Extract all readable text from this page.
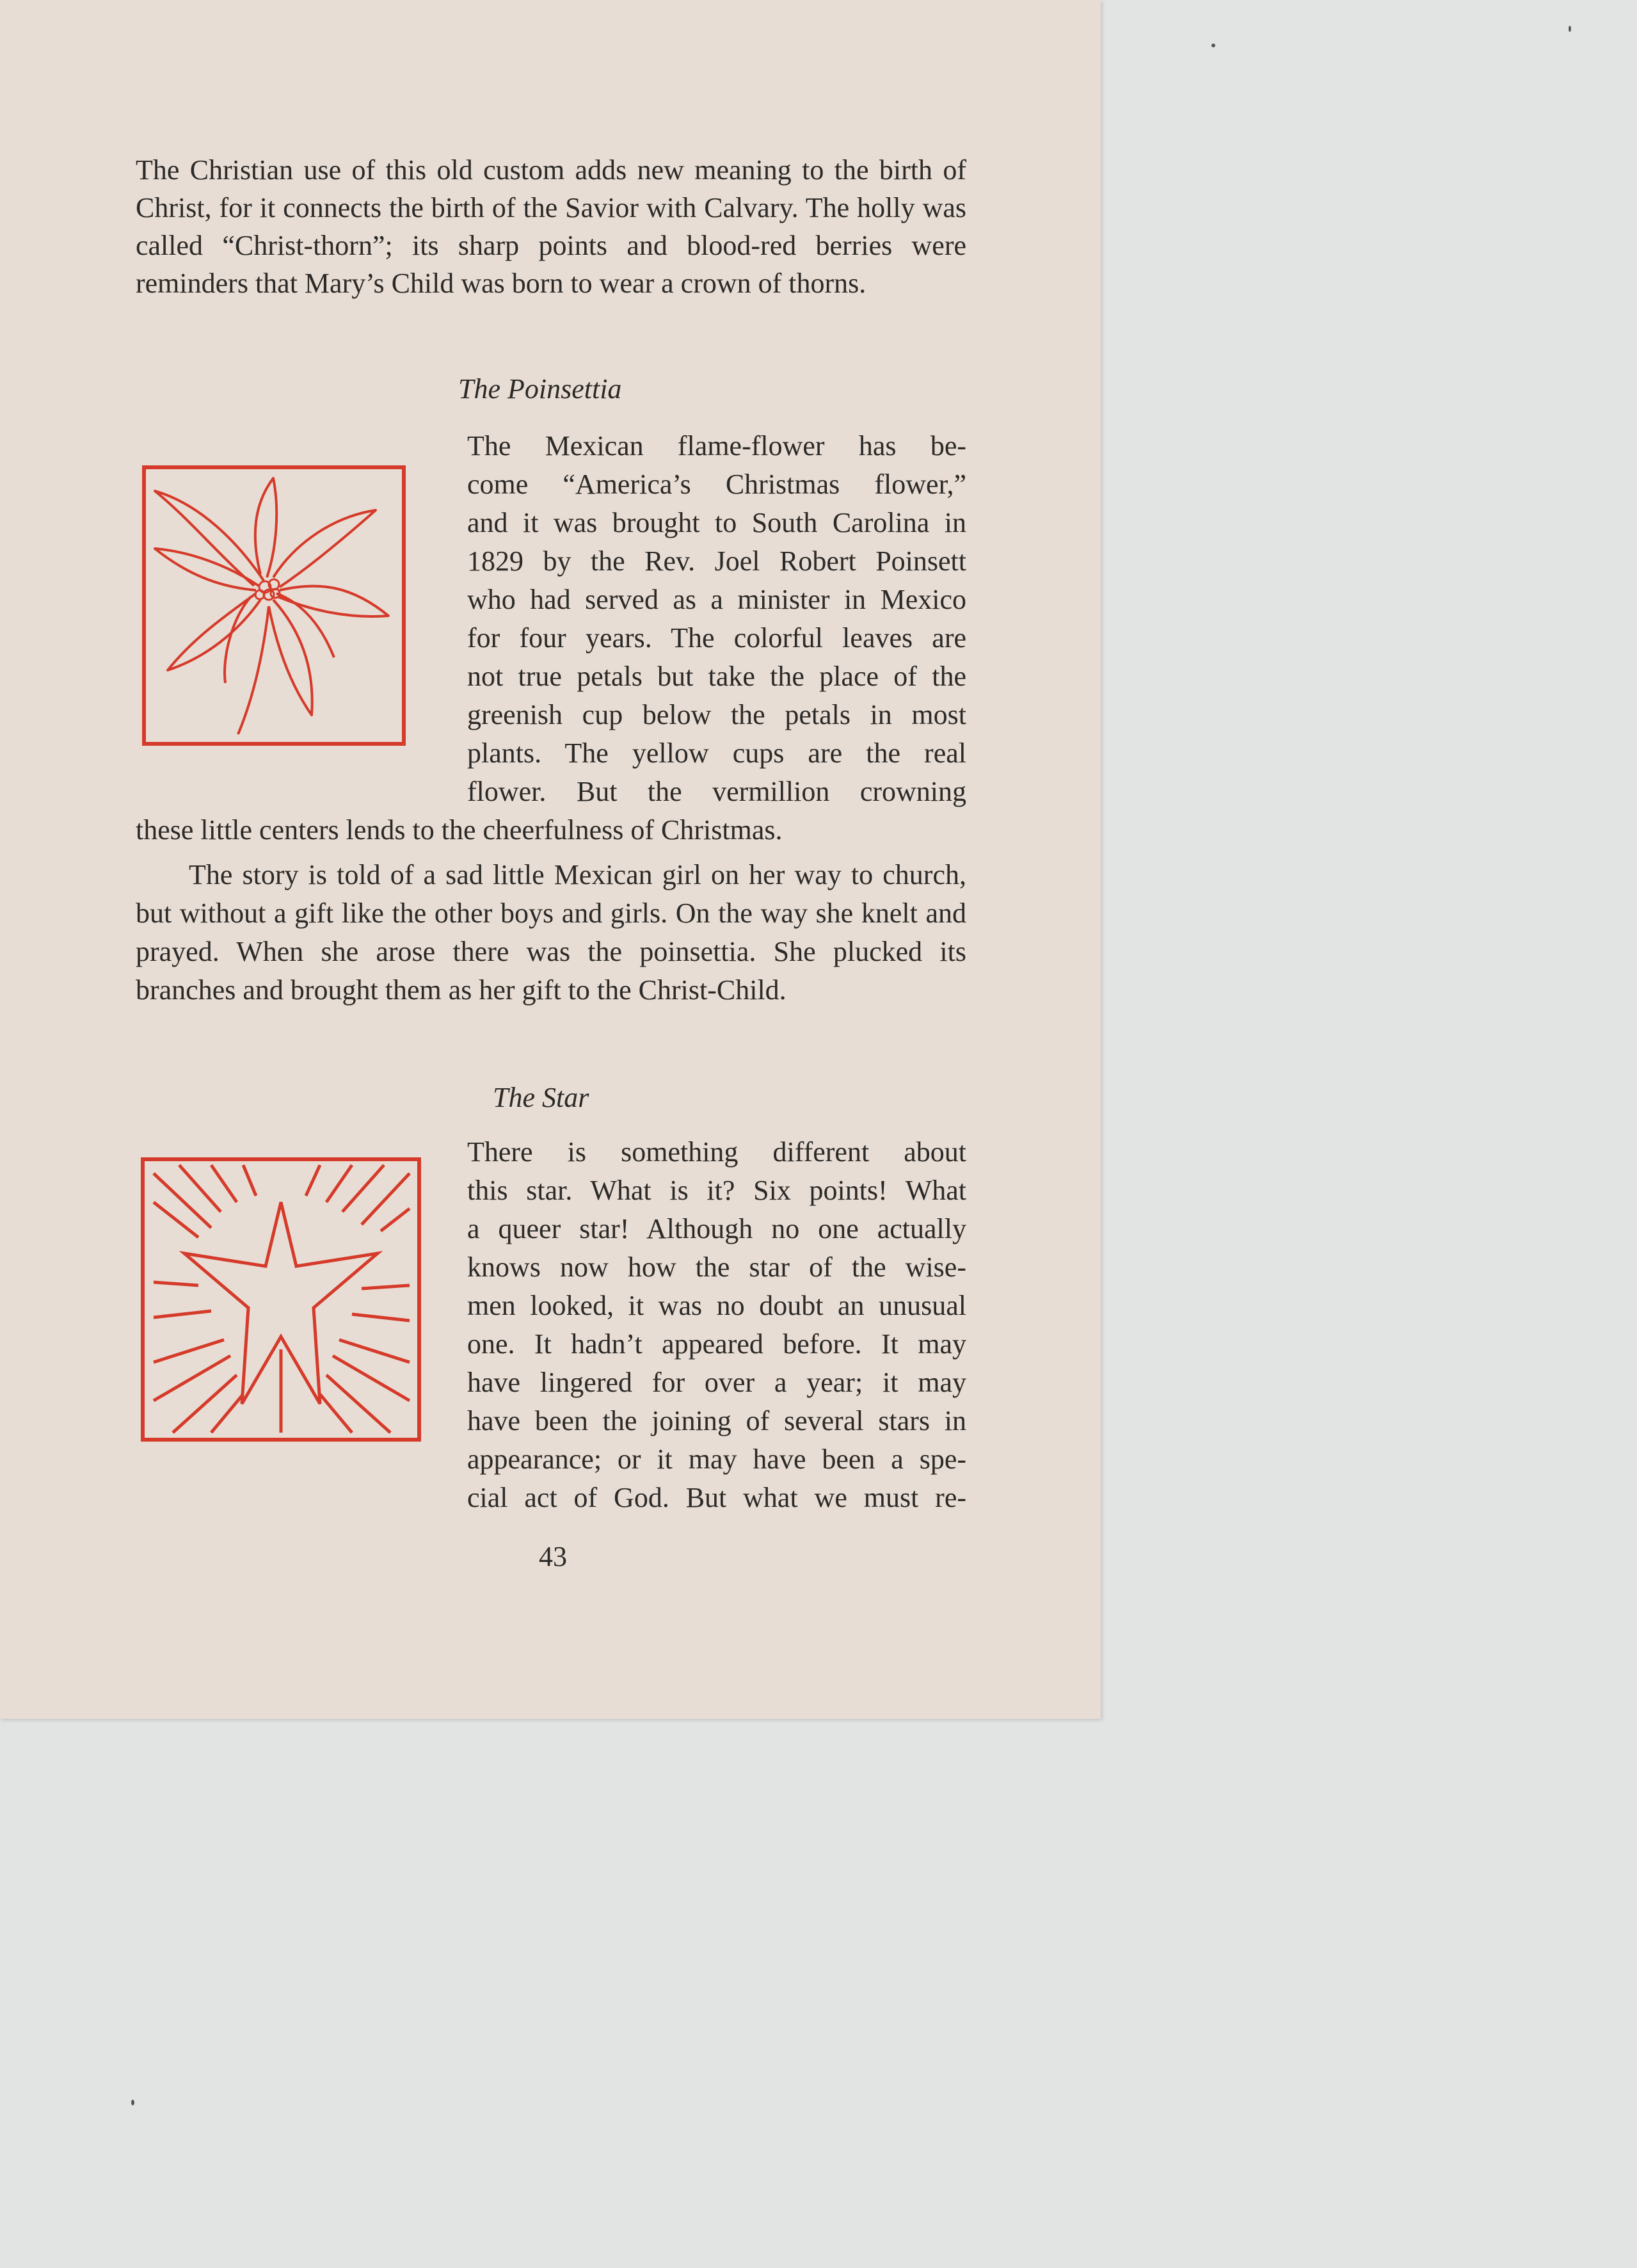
The Christian use of this old custom adds new meaning to the birth of Christ, for it connects the birth of the Savior with Calvary. The holly was called “Christ-thorn”; its sharp points and blood-red berries were reminders that Mary’s Child was born to wear a crown of thorns.

The Poinsettia

The Mexican flame-flower has be-

come “America’s Christmas flower,”

and it was brought to South Carolina in

1829 by the Rev. Joel Robert Poinsett

who had served as a minister in Mexico

for four years. The colorful leaves are

not true petals but take the place of the

greenish cup below the petals in most

plants. The yellow cups are the real

flower. But the vermillion crowning

these little centers lends to the cheerfulness of Christmas.

The story is told of a sad little Mexican girl on her way to church, but without a gift like the other boys and girls. On the way she knelt and prayed. When she arose there was the poinsettia. She plucked its branches and brought them as her gift to the Christ-Child.

The Star

There is something different about

this star. What is it? Six points! What

a queer star! Although no one actually

knows now how the star of the wise-

men looked, it was no doubt an unusual

one. It hadn’t appeared before. It may

have lingered for over a year; it may

have been the joining of several stars in

appearance; or it may have been a spe-

cial act of God. But what we must re-

43
